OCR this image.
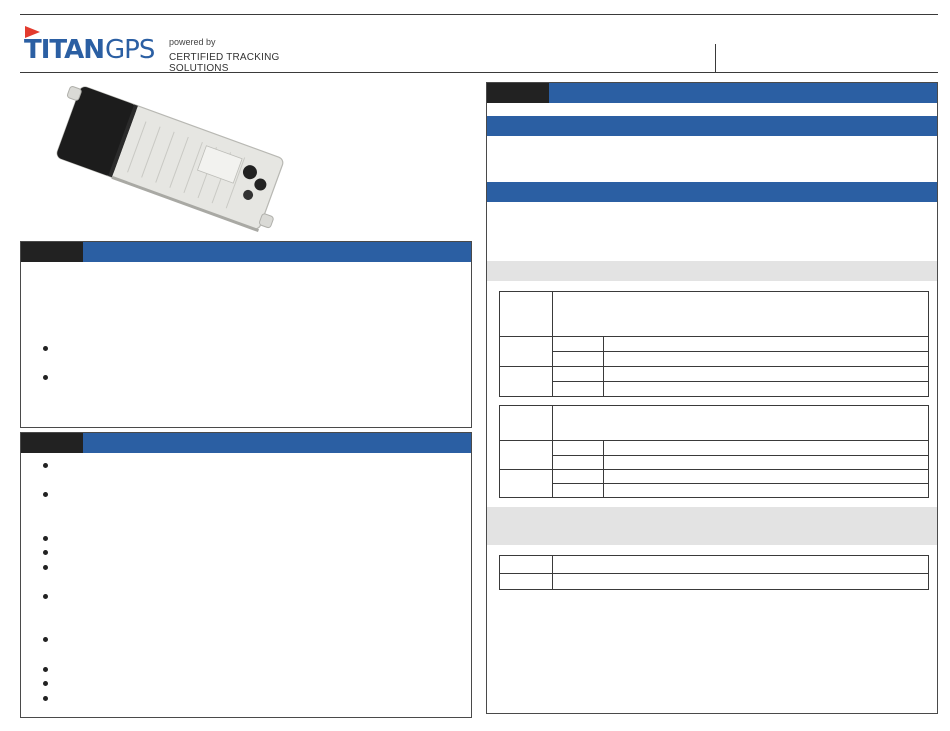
TITAN GPS powered by
CERTIFIED TRACKING SOLUTIONS
